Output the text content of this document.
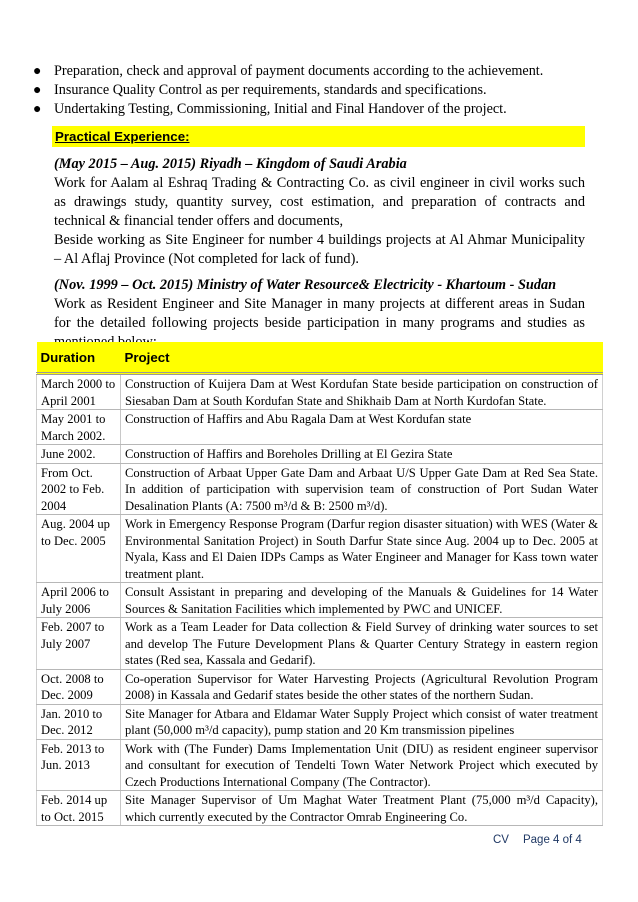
● Preparation, check and approval of payment documents according to the achievement.
● Insurance Quality Control as per requirements, standards and specifications.
● Undertaking Testing, Commissioning, Initial and Final Handover of the project.
Practical Experience:
(May 2015 – Aug. 2015) Riyadh – Kingdom of Saudi Arabia

Work for Aalam al Eshraq Trading & Contracting Co. as civil engineer in civil works such as drawings study, quantity survey, cost estimation, and preparation of contracts and technical & financial tender offers and documents,

Beside working as Site Engineer for number 4 buildings projects at Al Ahmar Municipality – Al Aflaj Province (Not completed for lack of fund).

(Nov. 1999 – Oct. 2015) Ministry of Water Resource& Electricity - Khartoum - Sudan

Work as Resident Engineer and Site Manager in many projects at different areas in Sudan for the detailed following projects beside participation in many programs and studies as

Duration	Project
March 2000 to April 2001	Construction of Kuijera Dam at West Kordufan State beside participation on construction of Siesaban Dam at South Kordufan State and Shikhaib Dam at North Kurdofan State.
May 2001 to March 2002.	Construction of Haffirs and Abu Ragala Dam at West Kordufan state
June 2002.	Construction of Haffirs and Boreholes Drilling at El Gezira State
From Oct. 2002 to Feb. 2004	Construction of Arbaat Upper Gate Dam and Arbaat U/S Upper Gate Dam at Red Sea State. In addition of participation with supervision team of construction of Port Sudan Water Desalination Plants (A: 7500 m³/d & B: 2500 m³/d).
Aug. 2004 up to Dec. 2005	Work in Emergency Response Program (Darfur region disaster situation) with WES (Water & Environmental Sanitation Project) in South Darfur State since Aug. 2004 up to Dec. 2005 at Nyala, Kass and El Daien IDPs Camps as Water Engineer and Manager for Kass town water treatment plant.
April 2006 to July 2006	Consult Assistant in preparing and developing of the Manuals & Guidelines for 14 Water Sources & Sanitation Facilities which implemented by PWC and UNICEF.
Feb. 2007 to July 2007	Work as a Team Leader for Data collection & Field Survey of drinking water sources to set and develop The Future Development Plans & Quarter Century Strategy in eastern region states (Red sea, Kassala and Gedarif).
Oct. 2008 to Dec. 2009	Co-operation Supervisor for Water Harvesting Projects (Agricultural Revolution Program 2008) in Kassala and Gedarif states beside the other states of the northern Sudan.
Jan. 2010 to Dec. 2012	Site Manager for Atbara and Eldamar Water Supply Project which consist of water treatment plant (50,000 m³/d capacity), pump station and 20 Km transmission pipelines
Feb. 2013 to Jun. 2013	Work with (The Funder) Dams Implementation Unit (DIU) as resident engineer supervisor and consultant for execution of Tendelti Town Water Network Project which executed by Czech Productions International Company (The Contractor).
Feb. 2014 up to Oct. 2015	Site Manager Supervisor of Um Maghat Water Treatment Plant (75,000 m³/d Capacity), which currently executed by the Contractor Omrab Engineering Co.
CV Page 4 of 4
